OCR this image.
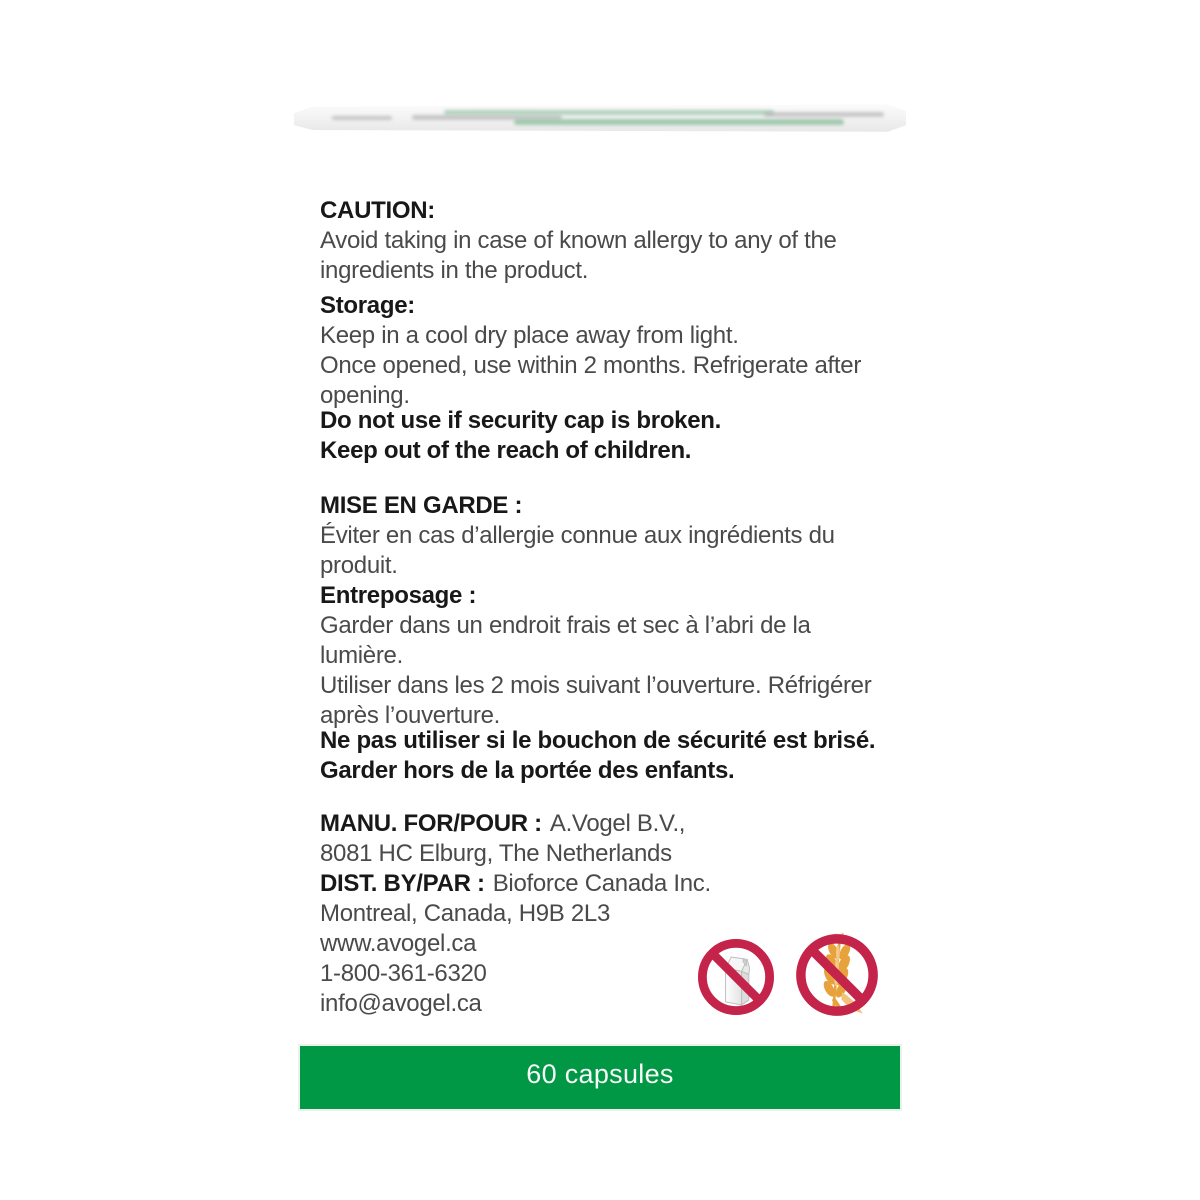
CAUTION:
Avoid taking in case of known allergy to any of the
ingredients in the product.
Storage:
Keep in a cool dry place away from light.
Once opened, use within 2 months. Refrigerate after
opening.
Do not use if security cap is broken.
Keep out of the reach of children.
MISE EN GARDE :
Éviter en cas d’allergie connue aux ingrédients du
produit.
Entreposage :
Garder dans un endroit frais et sec à l’abri de la
lumière.
Utiliser dans les 2 mois suivant l’ouverture. Réfrigérer
après l’ouverture.
Ne pas utiliser si le bouchon de sécurité est brisé.
Garder hors de la portée des enfants.
MANU. FOR/POUR : A.Vogel B.V.,
8081 HC Elburg, The Netherlands
DIST. BY/PAR : Bioforce Canada Inc.
Montreal, Canada, H9B 2L3
www.avogel.ca
1-800-361-6320
info@avogel.ca
60 capsules
